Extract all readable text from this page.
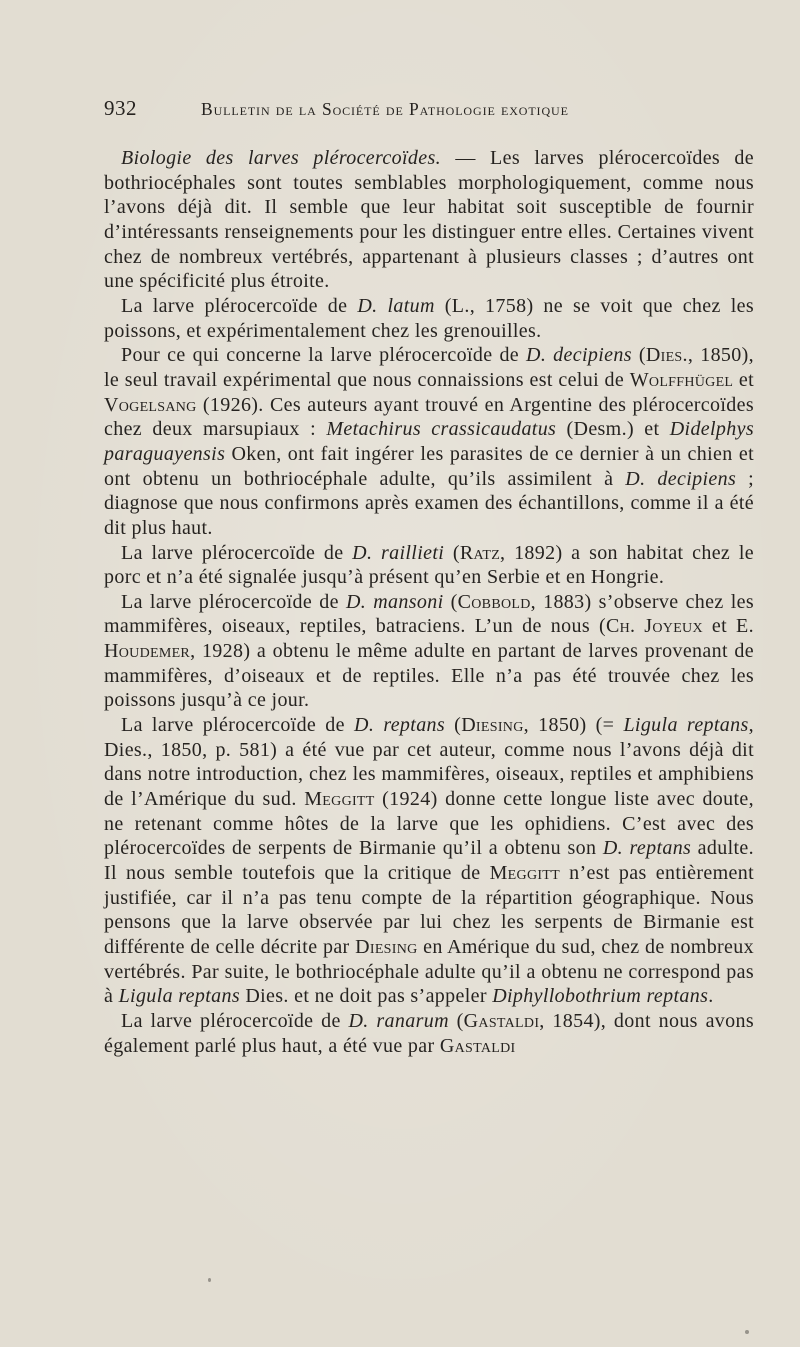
932	Bulletin de la Société de Pathologie exotique

Biologie des larves plérocercoïdes. — Les larves plérocercoïdes de bothriocéphales sont toutes semblables morphologiquement, comme nous l’avons déjà dit. Il semble que leur habitat soit susceptible de fournir d’intéressants renseignements pour les distinguer entre elles. Certaines vivent chez de nombreux vertébrés, appartenant à plusieurs classes ; d’autres ont une spécificité plus étroite.

La larve plérocercoïde de D. latum (L., 1758) ne se voit que chez les poissons, et expérimentalement chez les grenouilles.

Pour ce qui concerne la larve plérocercoïde de D. decipiens (Dies., 1850), le seul travail expérimental que nous connaissions est celui de Wolffhügel et Vogelsang (1926). Ces auteurs ayant trouvé en Argentine des plérocercoïdes chez deux marsupiaux : Metachirus crassicaudatus (Desm.) et Didelphys paraguayensis Oken, ont fait ingérer les parasites de ce dernier à un chien et ont obtenu un bothriocéphale adulte, qu’ils assimilent à D. decipiens ; diagnose que nous confirmons après examen des échantillons, comme il a été dit plus haut.

La larve plérocercoïde de D. raillieti (Ratz, 1892) a son habitat chez le porc et n’a été signalée jusqu’à présent qu’en Serbie et en Hongrie.

La larve plérocercoïde de D. mansoni (Cobbold, 1883) s’observe chez les mammifères, oiseaux, reptiles, batraciens. L’un de nous (Ch. Joyeux et E. Houdemer, 1928) a obtenu le même adulte en partant de larves provenant de mammifères, d’oiseaux et de reptiles. Elle n’a pas été trouvée chez les poissons jusqu’à ce jour.

La larve plérocercoïde de D. reptans (Diesing, 1850) (= Ligula reptans, Dies., 1850, p. 581) a été vue par cet auteur, comme nous l’avons déjà dit dans notre introduction, chez les mammifères, oiseaux, reptiles et amphibiens de l’Amérique du sud. Meggitt (1924) donne cette longue liste avec doute, ne retenant comme hôtes de la larve que les ophidiens. C’est avec des plérocercoïdes de serpents de Birmanie qu’il a obtenu son D. reptans adulte. Il nous semble toutefois que la critique de Meggitt n’est pas entièrement justifiée, car il n’a pas tenu compte de la répartition géographique. Nous pensons que la larve observée par lui chez les serpents de Birmanie est différente de celle décrite par Diesing en Amérique du sud, chez de nombreux vertébrés. Par suite, le bothriocéphale adulte qu’il a obtenu ne correspond pas à Ligula reptans Dies. et ne doit pas s’appeler Diphyllobothrium reptans.

La larve plérocercoïde de D. ranarum (Gastaldi, 1854), dont nous avons également parlé plus haut, a été vue par Gastaldi
